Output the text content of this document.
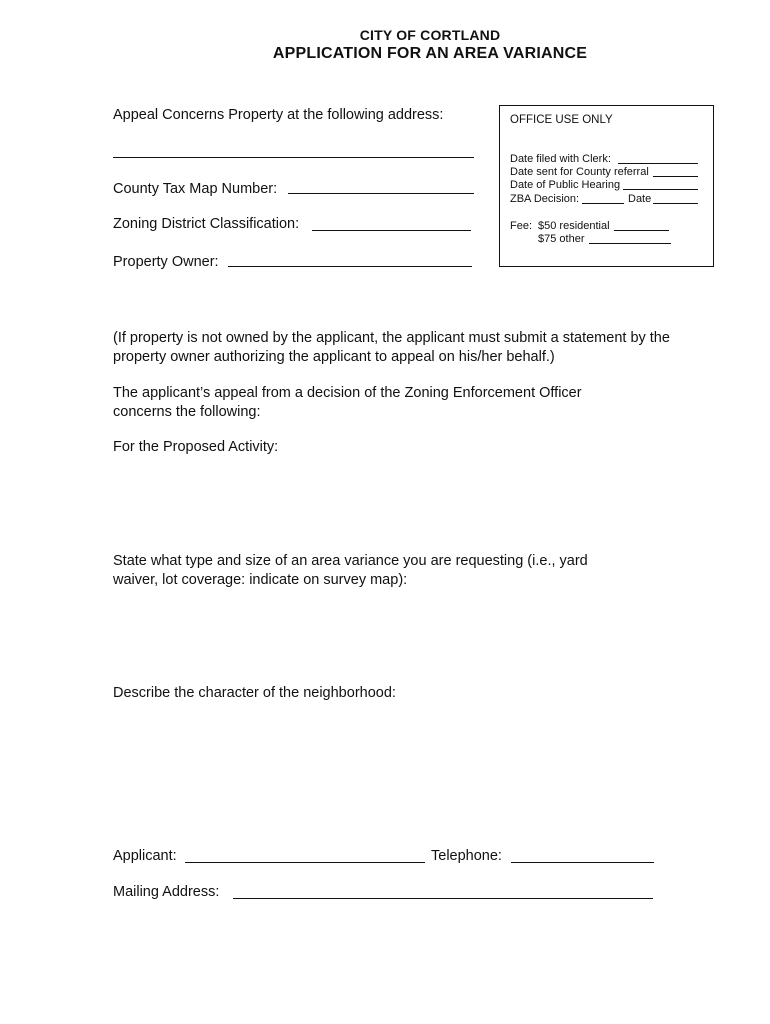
CITY OF CORTLAND
APPLICATION FOR AN AREA VARIANCE
Appeal Concerns Property at the following address:
County Tax Map Number:
Zoning District Classification:
Property Owner:
OFFICE USE ONLY
Date filed with Clerk:
Date sent for County referral
Date of Public Hearing
ZBA Decision:	Date
Fee: $50 residential
$75 other
(If property is not owned by the applicant, the applicant must submit a statement by the property owner authorizing the applicant to appeal on his/her behalf.)
The applicant’s appeal from a decision of the Zoning Enforcement Officer concerns the following:
For the Proposed Activity:
State what type and size of an area variance you are requesting (i.e., yard waiver, lot coverage: indicate on survey map):
Describe the character of the neighborhood:
Applicant:	Telephone:
Mailing Address:
